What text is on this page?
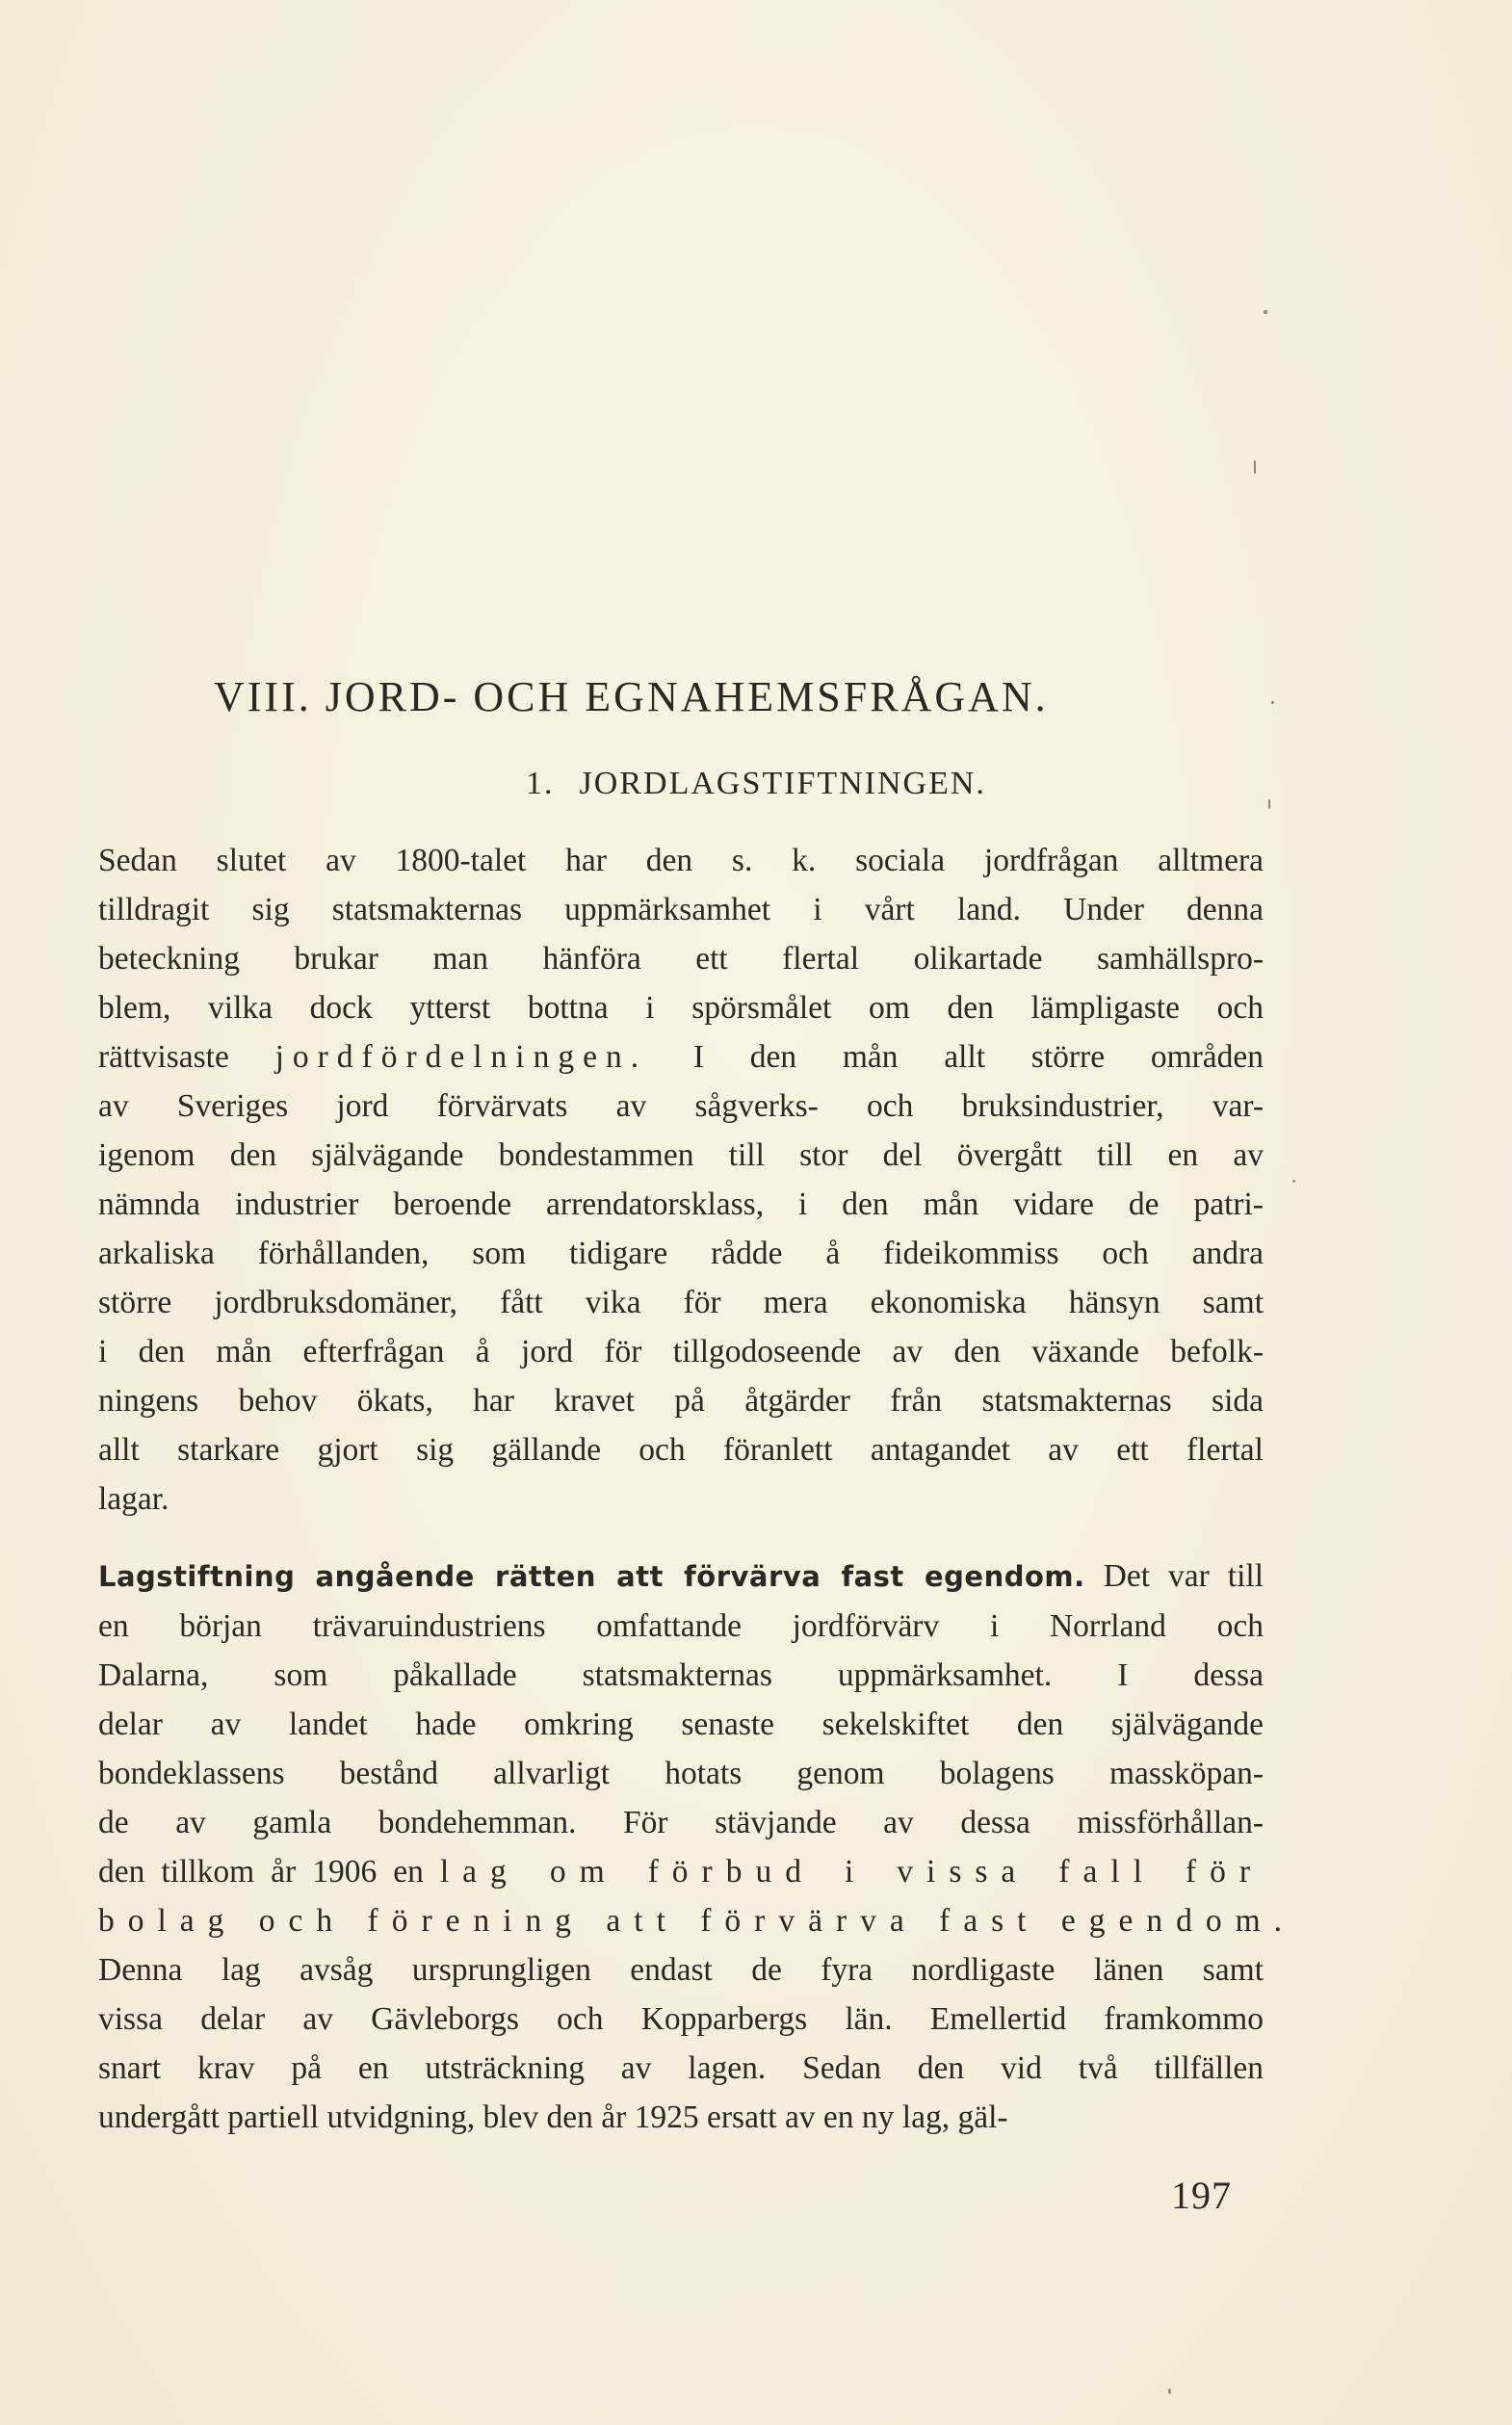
VIII. JORD- OCH EGNAHEMSFRÅGAN.
1. JORDLAGSTIFTNINGEN.

Sedan slutet av 1800-talet har den s. k. sociala jordfrågan alltmera
tilldragit sig statsmakternas uppmärksamhet i vårt land. Under denna
beteckning brukar man hänföra ett flertal olikartade samhällspro-
blem, vilka dock ytterst bottna i spörsmålet om den lämpligaste och
rättvisaste jordfördelningen. I den mån allt större områden
av Sveriges jord förvärvats av sågverks- och bruksindustrier, var-
igenom den självägande bondestammen till stor del övergått till en av
nämnda industrier beroende arrendatorsklass, i den mån vidare de patri-
arkaliska förhållanden, som tidigare rådde å fideikommiss och andra
större jordbruksdomäner, fått vika för mera ekonomiska hänsyn samt
i den mån efterfrågan å jord för tillgodoseende av den växande befolk-
ningens behov ökats, har kravet på åtgärder från statsmakternas sida
allt starkare gjort sig gällande och föranlett antagandet av ett flertal
lagar.

Lagstiftning angående rätten att förvärva fast egendom. Det var till
en början trävaruindustriens omfattande jordförvärv i Norrland och
Dalarna, som påkallade statsmakternas uppmärksamhet. I dessa
delar av landet hade omkring senaste sekelskiftet den självägande
bondeklassens bestånd allvarligt hotats genom bolagens massköpan-
de av gamla bondehemman. För stävjande av dessa missförhållan-
den tillkom år 1906 en lag om förbud i vissa fall för
bolag och förening att förvärva fast egendom.
Denna lag avsåg ursprungligen endast de fyra nordligaste länen samt
vissa delar av Gävleborgs och Kopparbergs län. Emellertid framkommo
snart krav på en utsträckning av lagen. Sedan den vid två tillfällen
undergått partiell utvidgning, blev den år 1925 ersatt av en ny lag, gäl-

197
